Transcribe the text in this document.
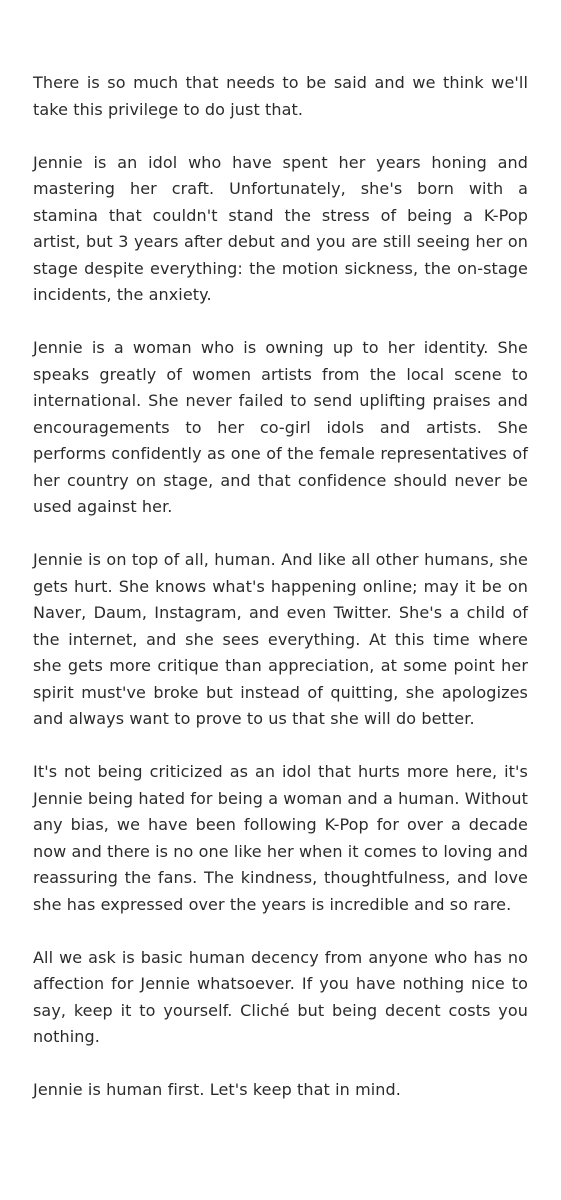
There is so much that needs to be said and we think we'll take this privilege to do just that.

Jennie is an idol who have spent her years honing and mastering her craft. Unfortunately, she's born with a stamina that couldn't stand the stress of being a K-Pop artist, but 3 years after debut and you are still seeing her on stage despite everything: the motion sickness, the on-stage incidents, the anxiety.

Jennie is a woman who is owning up to her identity. She speaks greatly of women artists from the local scene to international. She never failed to send uplifting praises and encouragements to her co-girl idols and artists. She performs confidently as one of the female representatives of her country on stage, and that confidence should never be used against her.

Jennie is on top of all, human. And like all other humans, she gets hurt. She knows what's happening online; may it be on Naver, Daum, Instagram, and even Twitter. She's a child of the internet, and she sees everything. At this time where she gets more critique than appreciation, at some point her spirit must've broke but instead of quitting, she apologizes and always want to prove to us that she will do better.

It's not being criticized as an idol that hurts more here, it's Jennie being hated for being a woman and a human. Without any bias, we have been following K-Pop for over a decade now and there is no one like her when it comes to loving and reassuring the fans. The kindness, thoughtfulness, and love she has expressed over the years is incredible and so rare.

All we ask is basic human decency from anyone who has no affection for Jennie whatsoever. If you have nothing nice to say, keep it to yourself. Cliché but being decent costs you nothing.

Jennie is human first. Let's keep that in mind.
